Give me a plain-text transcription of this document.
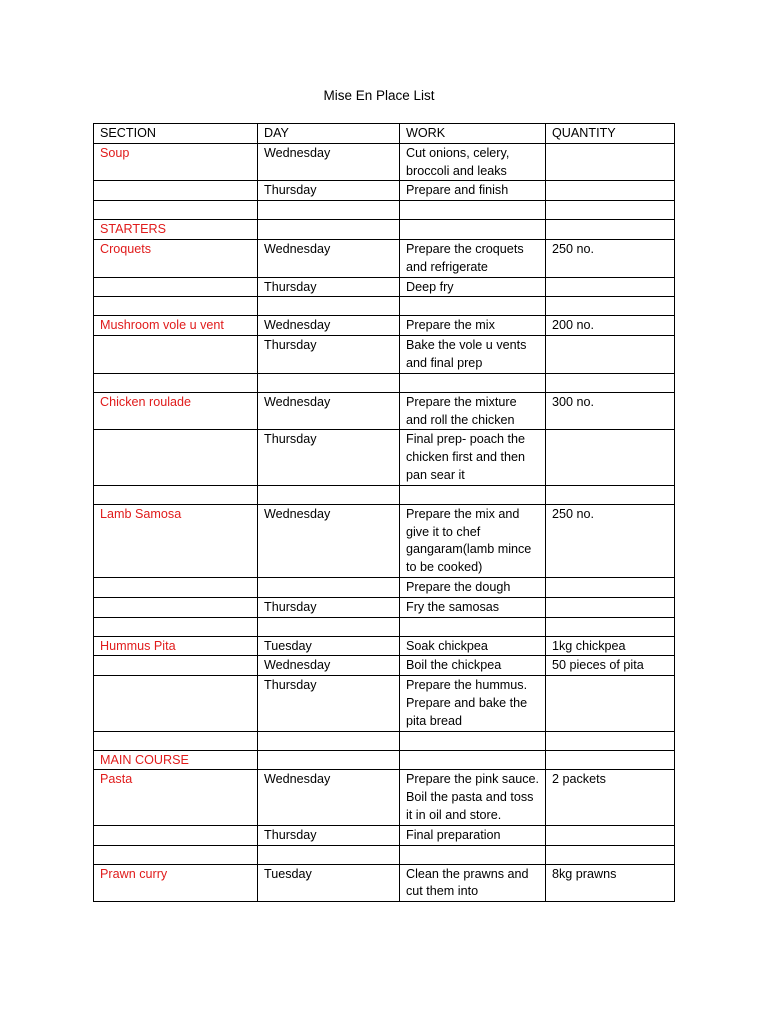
Mise En Place List
SECTION	DAY	WORK	QUANTITY
Soup	Wednesday	Cut onions, celery, broccoli and leaks	
	Thursday	Prepare and finish	

STARTERS			
Croquets	Wednesday	Prepare the croquets and refrigerate	250 no.
	Thursday	Deep fry	

Mushroom vole u vent	Wednesday	Prepare the mix	200 no.
	Thursday	Bake the vole u vents and final prep	

Chicken roulade	Wednesday	Prepare the mixture and roll the chicken	300 no.
	Thursday	Final prep- poach the chicken first and then pan sear it	

Lamb Samosa	Wednesday	Prepare the mix and give it to chef gangaram(lamb mince to be cooked)	250 no.
		Prepare the dough	
	Thursday	Fry the samosas	

Hummus Pita	Tuesday	Soak chickpea	1kg chickpea
	Wednesday	Boil the chickpea	50 pieces of pita
	Thursday	Prepare the hummus. Prepare and bake the pita bread	

MAIN COURSE			
Pasta	Wednesday	Prepare the pink sauce. Boil the pasta and toss it in oil and store.	2 packets
	Thursday	Final preparation	

Prawn curry	Tuesday	Clean the prawns and cut them into	8kg prawns
